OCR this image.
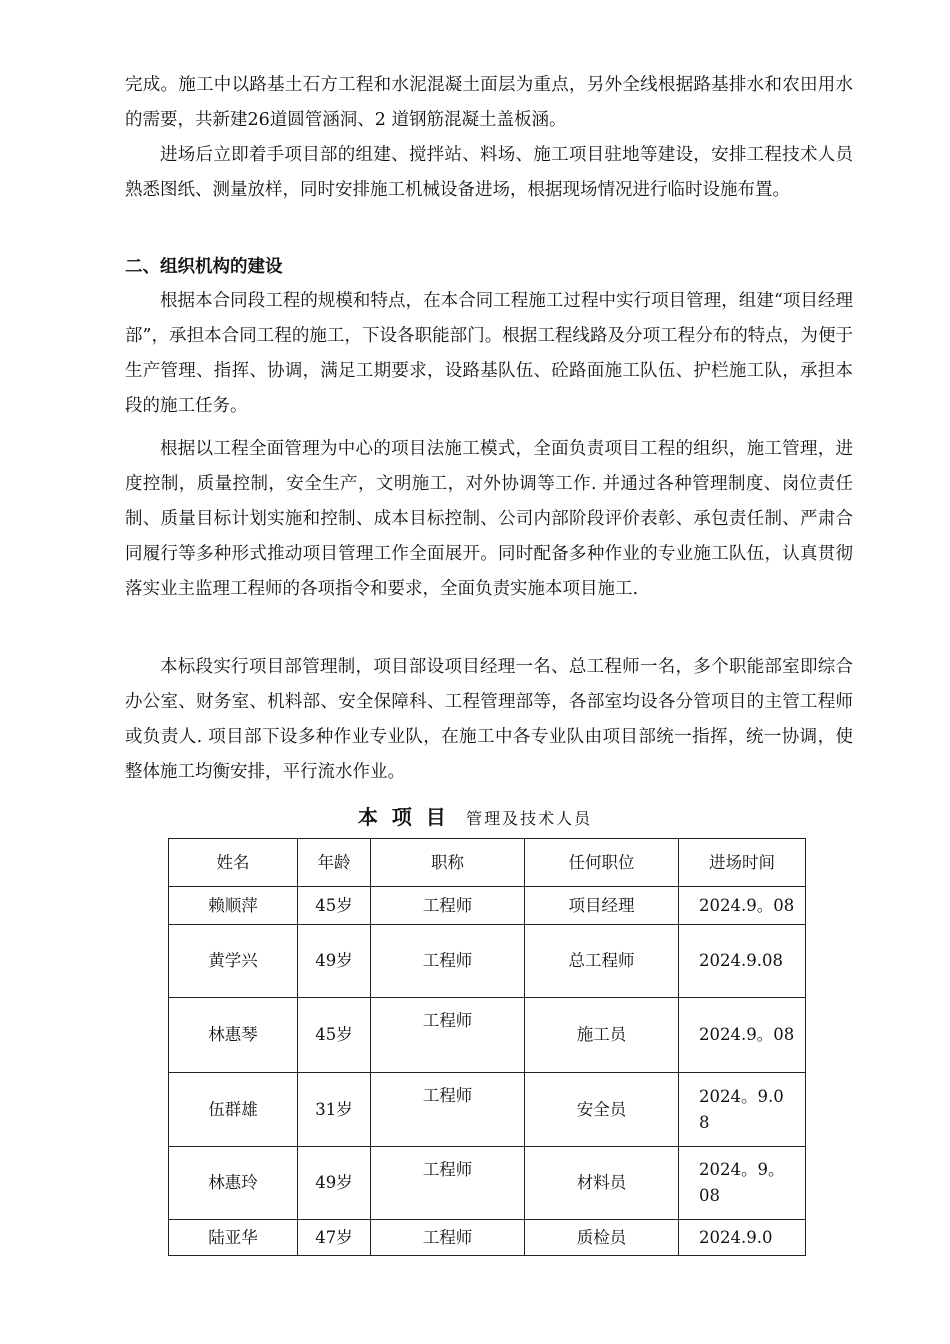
完成。施工中以路基土石方工程和水泥混凝土面层为重点，另外全线根据路基排水和农田用水的需要，共新建26道圆管涵洞、2 道钢筋混凝土盖板涵。

进场后立即着手项目部的组建、搅拌站、料场、施工项目驻地等建设，安排工程技术人员熟悉图纸、测量放样，同时安排施工机械设备进场，根据现场情况进行临时设施布置。

二、组织机构的建设

根据本合同段工程的规模和特点，在本合同工程施工过程中实行项目管理，组建“项目经理部”，承担本合同工程的施工，下设各职能部门。根据工程线路及分项工程分布的特点，为便于生产管理、指挥、协调，满足工期要求，设路基队伍、砼路面施工队伍、护栏施工队，承担本段的施工任务。

根据以工程全面管理为中心的项目法施工模式，全面负责项目工程的组织，施工管理，进度控制，质量控制，安全生产，文明施工，对外协调等工作. 并通过各种管理制度、岗位责任制、质量目标计划实施和控制、成本目标控制、公司内部阶段评价表彰、承包责任制、严肃合同履行等多种形式推动项目管理工作全面展开。同时配备多种作业的专业施工队伍，认真贯彻落实业主监理工程师的各项指令和要求，全面负责实施本项目施工.

本标段实行项目部管理制，项目部设项目经理一名、总工程师一名，多个职能部室即综合办公室、财务室、机料部、安全保障科、工程管理部等，各部室均设各分管项目的主管工程师或负责人. 项目部下设多种作业专业队，在施工中各专业队由项目部统一指挥，统一协调，使整体施工均衡安排，平行流水作业。

本项目 管理及技术人员
姓名	年龄	职称	任何职位	进场时间
赖顺萍	45岁	工程师	项目经理	2024.9。08
黄学兴	49岁	工程师	总工程师	2024.9.08
林惠琴	45岁	工程师	施工员	2024.9。08
伍群雄	31岁	工程师	安全员	2024。9.08
林惠玲	49岁	工程师	材料员	2024。9。08
陆亚华	47岁	工程师	质检员	2024.9.0
